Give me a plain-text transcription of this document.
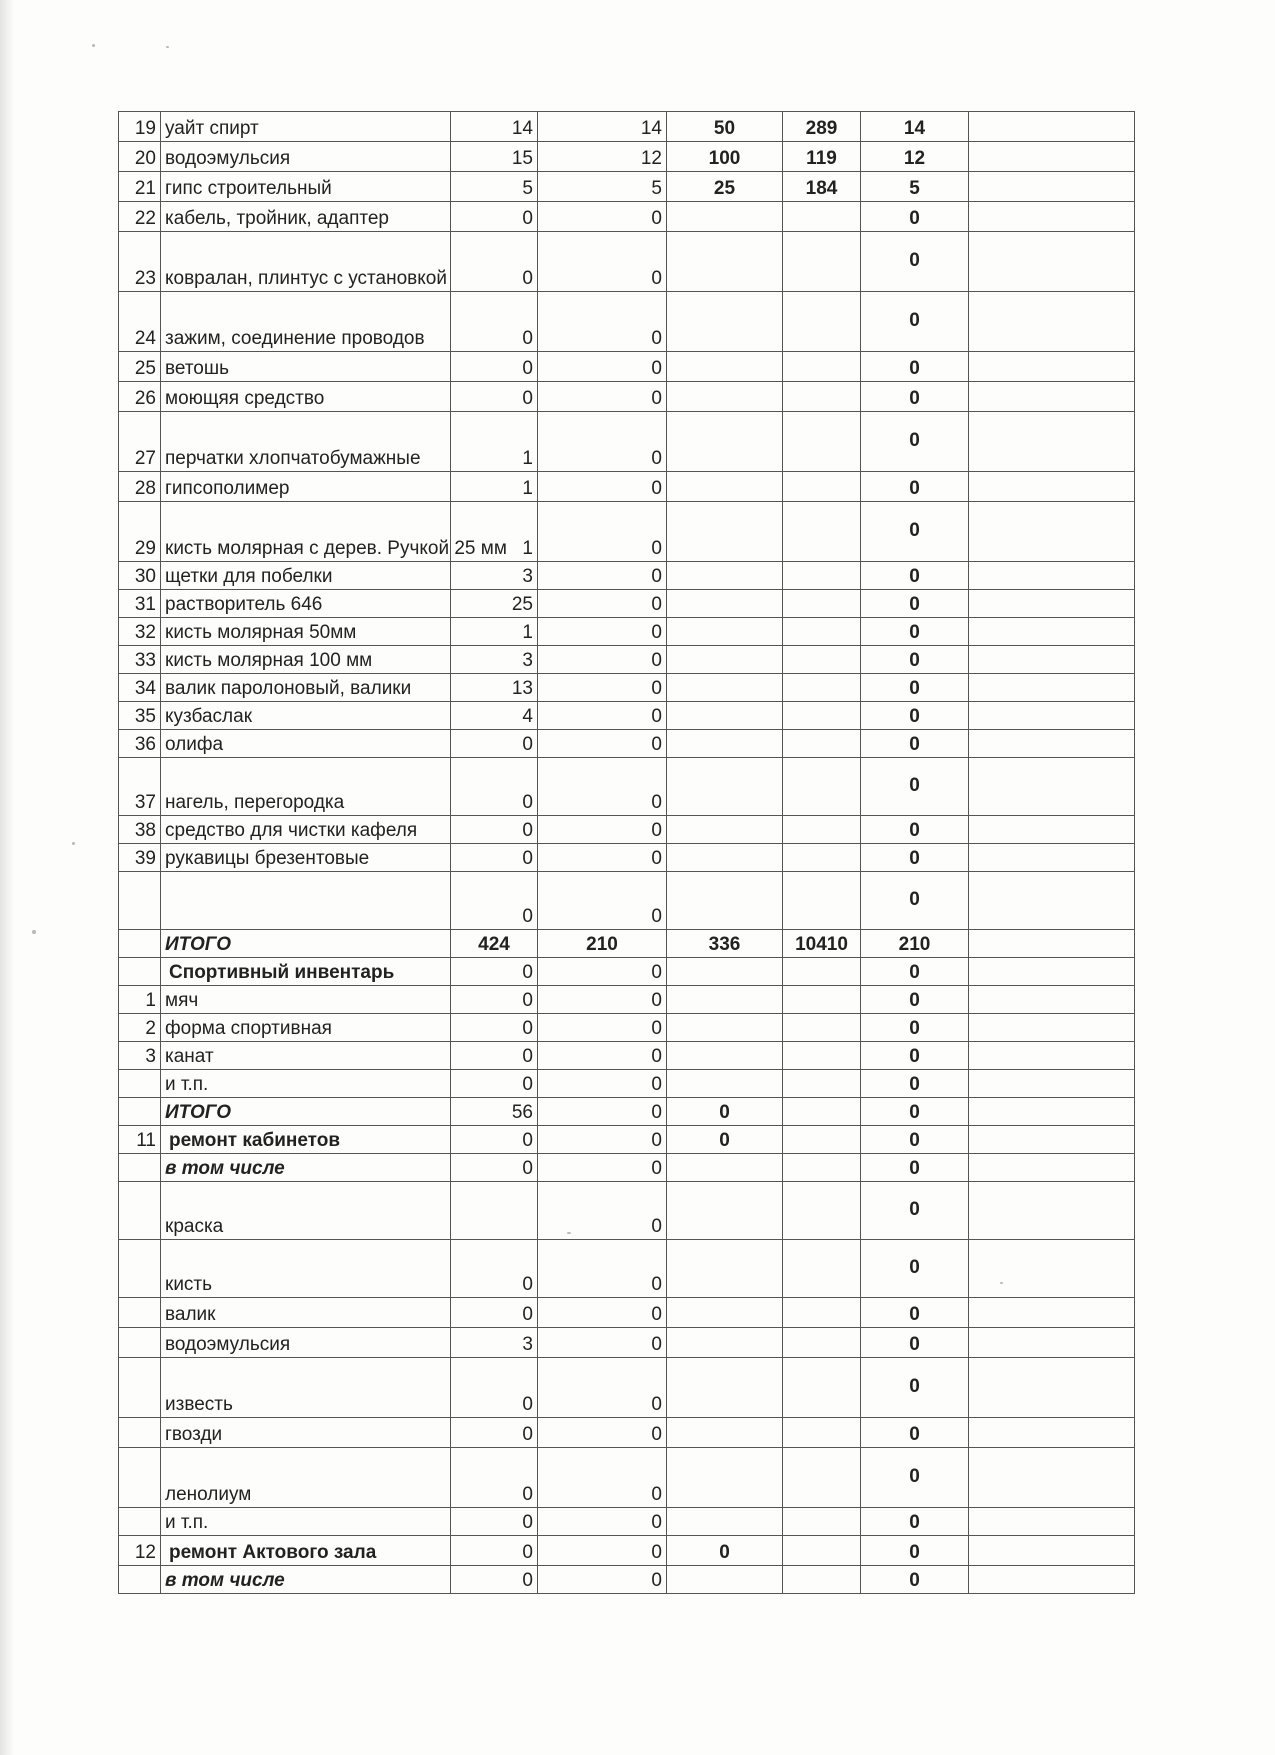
19	уайт спирт	14	14	50	289	14	
20	водоэмульсия	15	12	100	119	12	
21	гипс строительный	5	5	25	184	5	
22	кабель, тройник, адаптер	0	0			0	
23	ковралан, плинтус с установкой	0	0			0	
24	зажим, соединение проводов	0	0			0	
25	ветошь	0	0			0	
26	моющяя средство	0	0			0	
27	перчатки хлопчатобумажные	1	0			0	
28	гипсополимер	1	0			0	
29	кисть молярная с дерев. Ручкой 25 мм	1	0			0	
30	щетки для побелки	3	0			0	
31	растворитель 646	25	0			0	
32	кисть молярная 50мм	1	0			0	
33	кисть молярная 100 мм	3	0			0	
34	валик паролоновый, валики	13	0			0	
35	кузбаслак	4	0			0	
36	олифа	0	0			0	
37	нагель, перегородка	0	0			0	
38	средство для чистки кафеля	0	0			0	
39	рукавицы брезентовые	0	0			0	
		0	0			0	
	ИТОГО	424	210	336	10410	210	
	Спортивный инвентарь	0	0			0	
1	мяч	0	0			0	
2	форма спортивная	0	0			0	
3	канат	0	0			0	
	и т.п.	0	0			0	
	ИТОГО	56	0	0		0	
11	ремонт кабинетов	0	0	0		0	
	в том числе	0	0			0	
	краска		0			0	
	кисть	0	0			0	
	валик	0	0			0	
	водоэмульсия	3	0			0	
	известь	0	0			0	
	гвозди	0	0			0	
	ленолиум	0	0			0	
	и т.п.	0	0			0	
12	ремонт Актового зала	0	0	0		0	
	в том числе	0	0			0	
